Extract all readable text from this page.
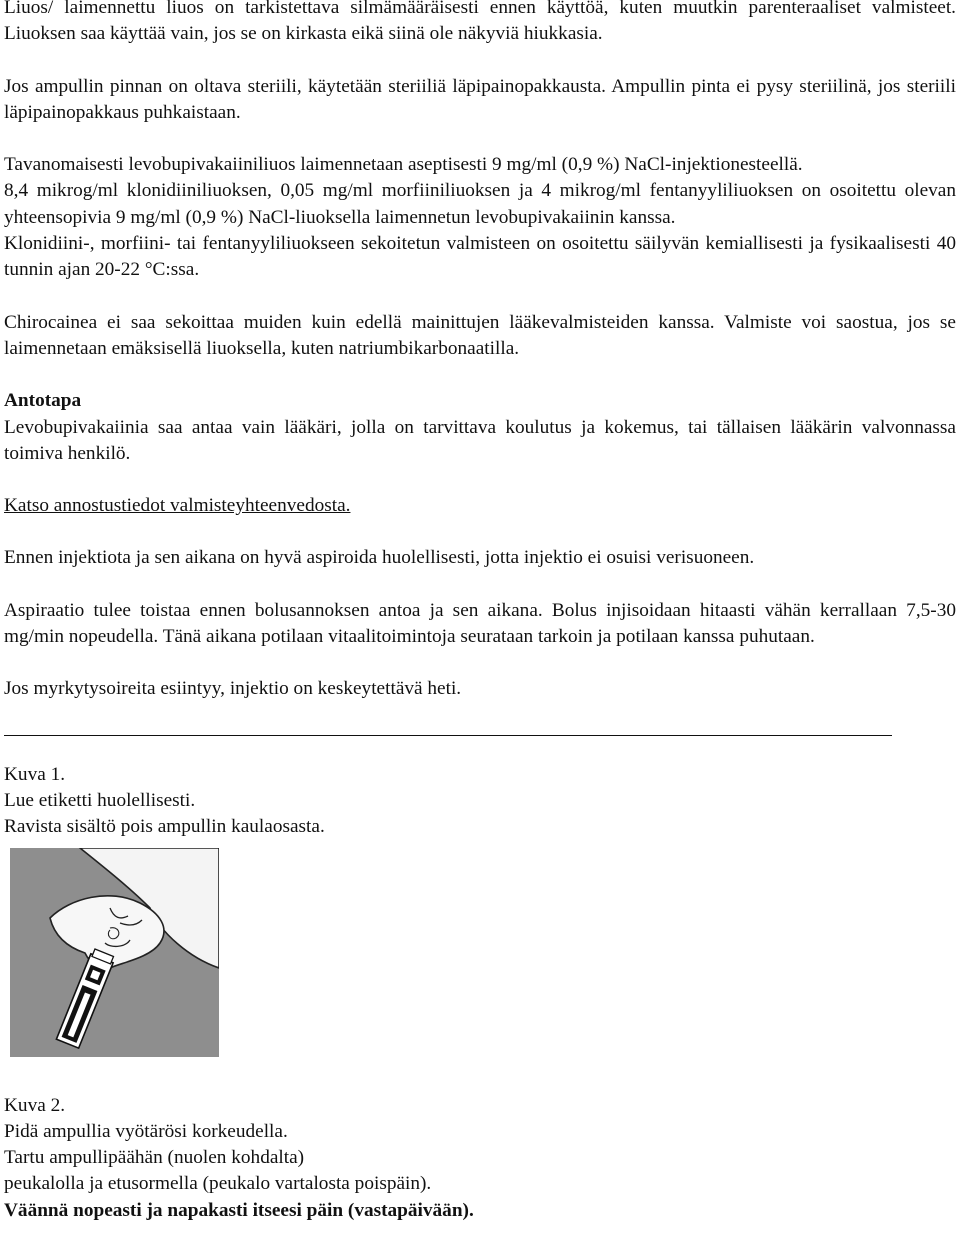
Liuos/ laimennettu liuos on tarkistettava silmämääräisesti ennen käyttöä, kuten muutkin parenteraaliset valmisteet. Liuoksen saa käyttää vain, jos se on kirkasta eikä siinä ole näkyviä hiukkasia.

Jos ampullin pinnan on oltava steriili, käytetään steriiliä läpipainopakkausta. Ampullin pinta ei pysy steriilinä, jos steriili läpipainopakkaus puhkaistaan.

Tavanomaisesti levobupivakaiiniliuos laimennetaan aseptisesti 9 mg/ml (0,9 %) NaCl-injektionesteellä.

8,4 mikrog/ml klonidiiniliuoksen, 0,05 mg/ml morfiiniliuoksen ja 4 mikrog/ml fentanyyliliuoksen on osoitettu olevan yhteensopivia 9 mg/ml (0,9 %) NaCl-liuoksella laimennetun levobupivakaiinin kanssa.

Klonidiini-, morfiini- tai fentanyyliliuokseen sekoitetun valmisteen on osoitettu säilyvän kemiallisesti ja fysikaalisesti 40 tunnin ajan 20-22 °C:ssa.

Chirocainea ei saa sekoittaa muiden kuin edellä mainittujen lääkevalmisteiden kanssa. Valmiste voi saostua, jos se laimennetaan emäksisellä liuoksella, kuten natriumbikarbonaatilla.

Antotapa

Levobupivakaiinia saa antaa vain lääkäri, jolla on tarvittava koulutus ja kokemus, tai tällaisen lääkärin valvonnassa toimiva henkilö.

Katso annostustiedot valmisteyhteenvedosta.

Ennen injektiota ja sen aikana on hyvä aspiroida huolellisesti, jotta injektio ei osuisi verisuoneen.

Aspiraatio tulee toistaa ennen bolusannoksen antoa ja sen aikana. Bolus injisoidaan hitaasti vähän kerrallaan 7,5-30 mg/min nopeudella. Tänä aikana potilaan vitaalitoimintoja seurataan tarkoin ja potilaan kanssa puhutaan.

Jos myrkytysoireita esiintyy, injektio on keskeytettävä heti.

Kuva 1.

Lue etiketti huolellisesti.

Ravista sisältö pois ampullin kaulaosasta.

Kuva 2.

Pidä ampullia vyötärösi korkeudella.

Tartu ampullipäähän (nuolen kohdalta)

peukalolla ja etusormella (peukalo vartalosta poispäin).

Väännä nopeasti ja napakasti itseesi päin (vastapäivään).
